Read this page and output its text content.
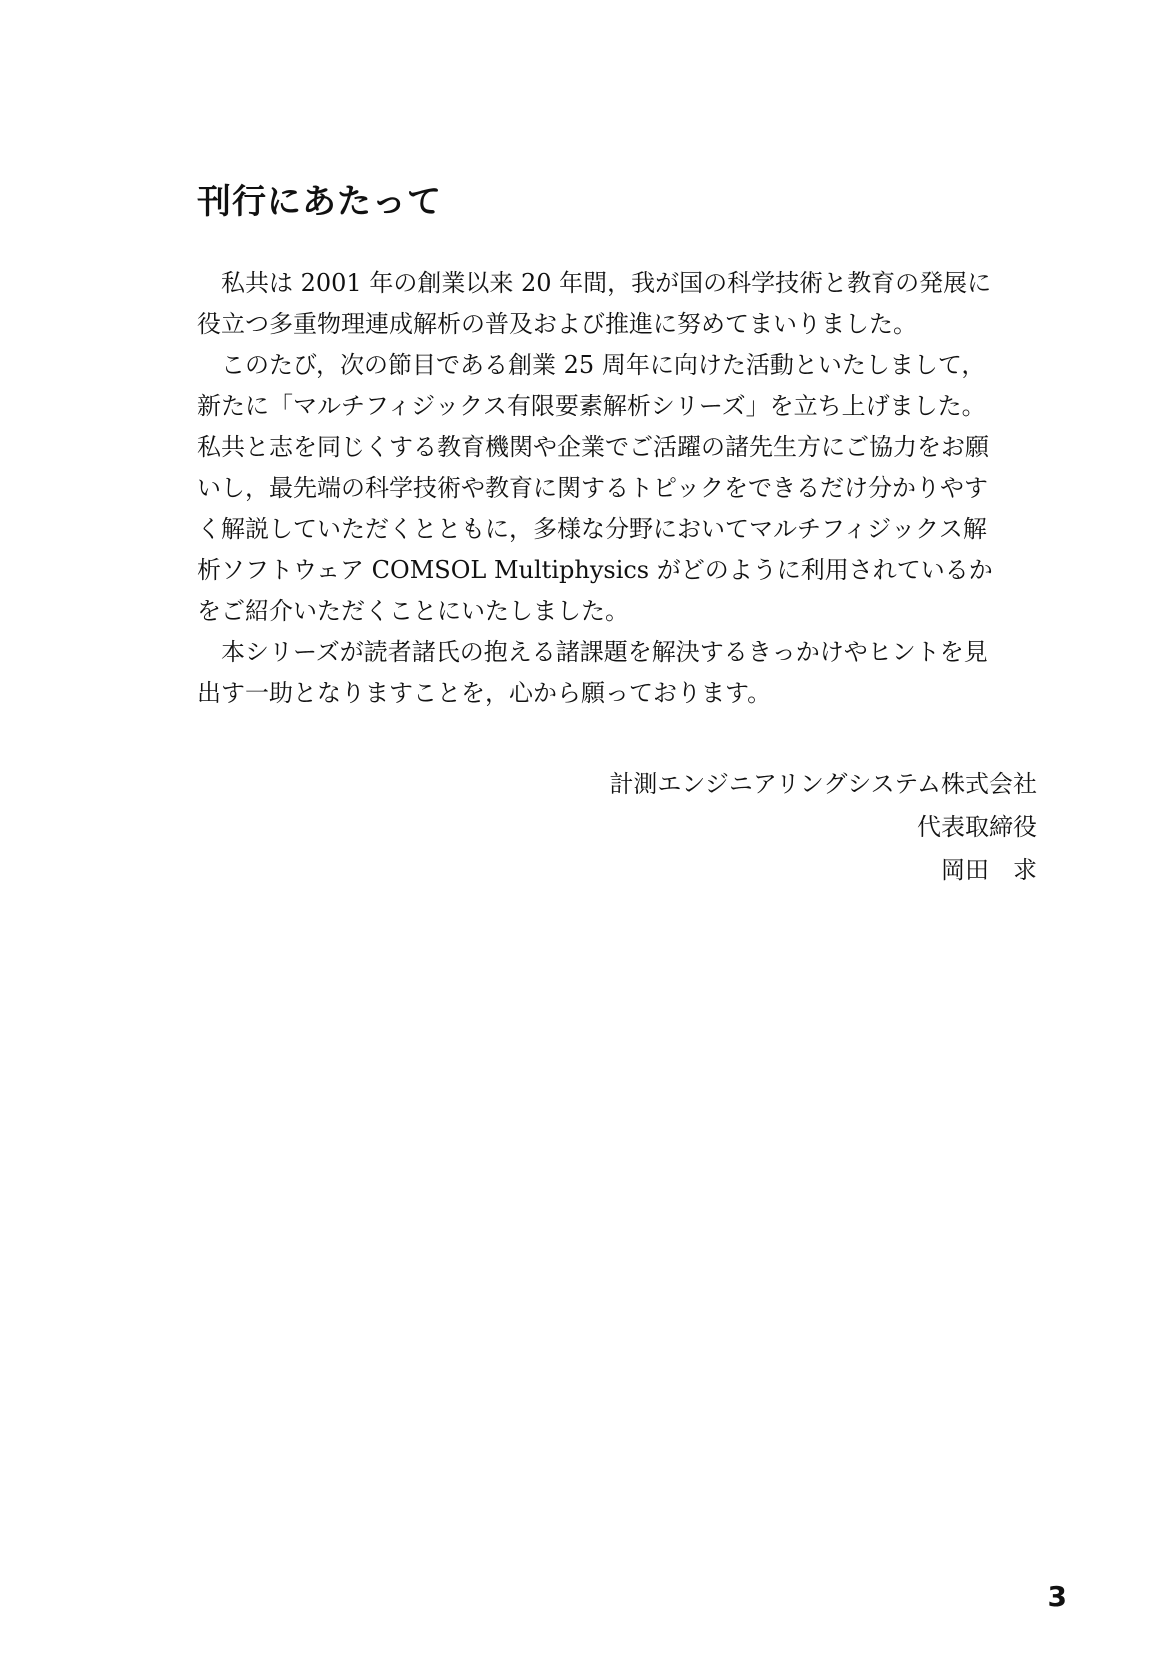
刊行にあたって
私共は 2001 年の創業以来 20 年間，我が国の科学技術と教育の発展に
役立つ多重物理連成解析の普及および推進に努めてまいりました。
このたび，次の節目である創業 25 周年に向けた活動といたしまして，
新たに「マルチフィジックス有限要素解析シリーズ」を立ち上げました。
私共と志を同じくする教育機関や企業でご活躍の諸先生方にご協力をお願
いし，最先端の科学技術や教育に関するトピックをできるだけ分かりやす
く解説していただくとともに，多様な分野においてマルチフィジックス解
析ソフトウェア COMSOL Multiphysics がどのように利用されているか
をご紹介いただくことにいたしました。
本シリーズが読者諸氏の抱える諸課題を解決するきっかけやヒントを見
出す一助となりますことを，心から願っております。
計測エンジニアリングシステム株式会社
代表取締役
岡田　求
3
